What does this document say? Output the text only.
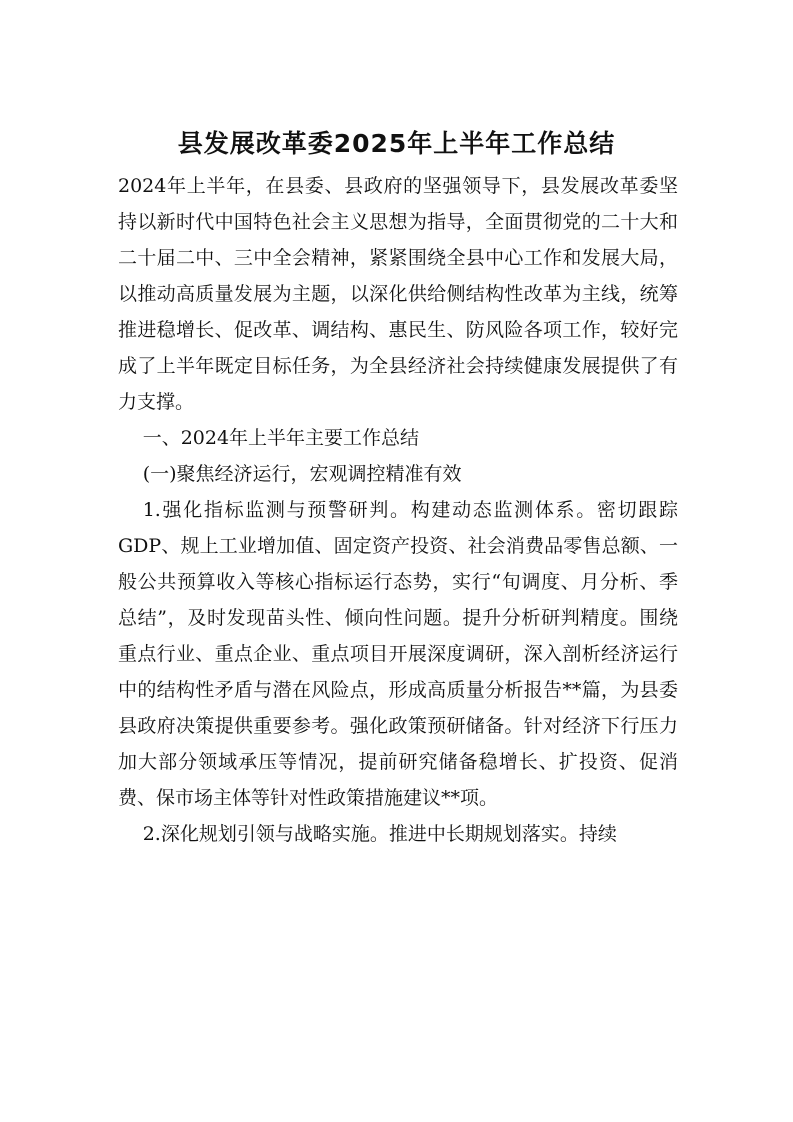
县发展改革委2025年上半年工作总结

2024年上半年，在县委、县政府的坚强领导下，县发展改革委坚持以新时代中国特色社会主义思想为指导，全面贯彻党的二十大和二十届二中、三中全会精神，紧紧围绕全县中心工作和发展大局，以推动高质量发展为主题，以深化供给侧结构性改革为主线，统筹推进稳增长、促改革、调结构、惠民生、防风险各项工作，较好完成了上半年既定目标任务，为全县经济社会持续健康发展提供了有力支撑。

一、2024年上半年主要工作总结

(一)聚焦经济运行，宏观调控精准有效

1.强化指标监测与预警研判。构建动态监测体系。密切跟踪GDP、规上工业增加值、固定资产投资、社会消费品零售总额、一般公共预算收入等核心指标运行态势，实行“旬调度、月分析、季总结”，及时发现苗头性、倾向性问题。提升分析研判精度。围绕重点行业、重点企业、重点项目开展深度调研，深入剖析经济运行中的结构性矛盾与潜在风险点，形成高质量分析报告**篇，为县委县政府决策提供重要参考。强化政策预研储备。针对经济下行压力加大部分领域承压等情况，提前研究储备稳增长、扩投资、促消费、保市场主体等针对性政策措施建议**项。

2.深化规划引领与战略实施。推进中长期规划落实。持续
